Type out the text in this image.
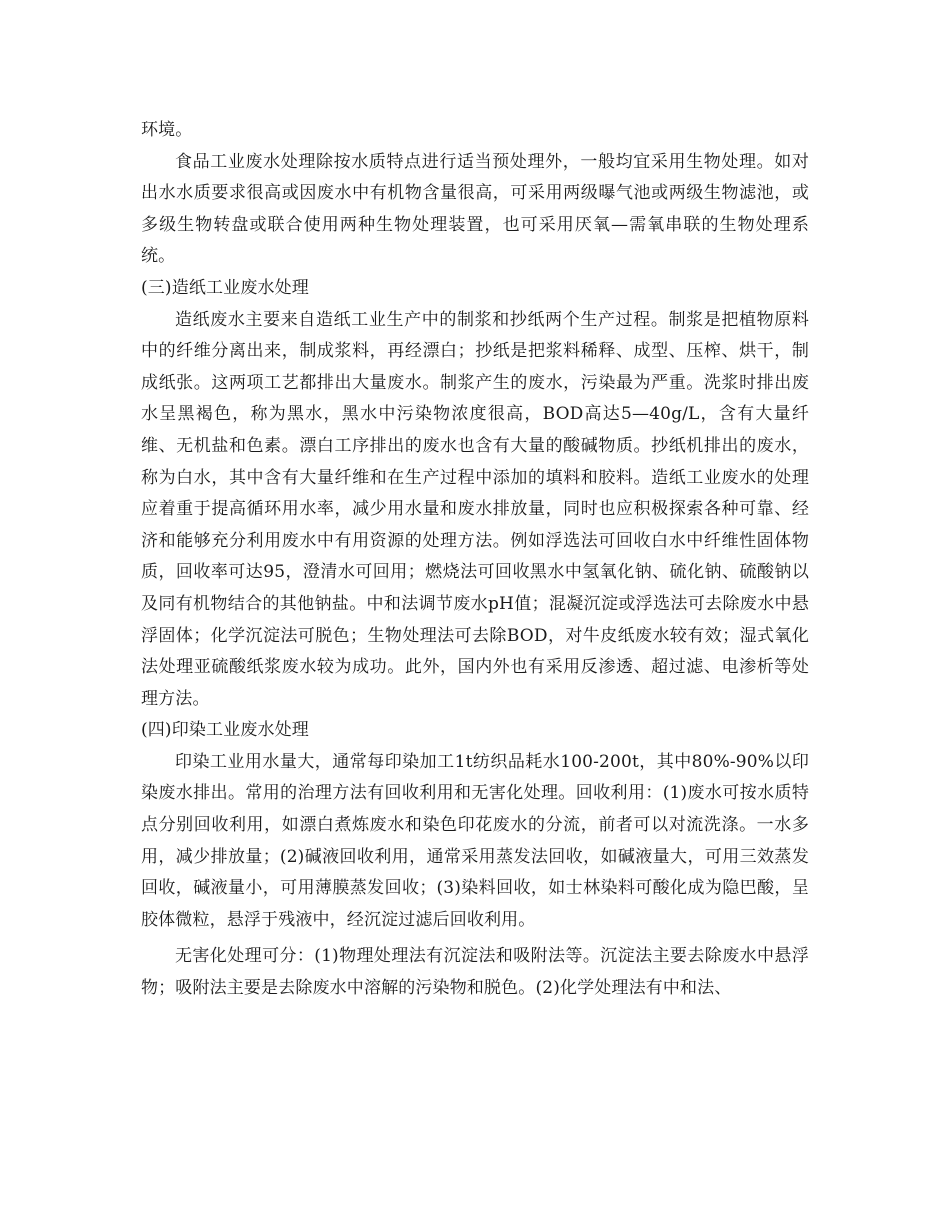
环境。

食品工业废水处理除按水质特点进行适当预处理外，一般均宜采用生物处理。如对出水水质要求很高或因废水中有机物含量很高，可采用两级曝气池或两级生物滤池，或多级生物转盘或联合使用两种生物处理装置，也可采用厌氧—需氧串联的生物处理系统。

(三)造纸工业废水处理

造纸废水主要来自造纸工业生产中的制浆和抄纸两个生产过程。制浆是把植物原料中的纤维分离出来，制成浆料，再经漂白；抄纸是把浆料稀释、成型、压榨、烘干，制成纸张。这两项工艺都排出大量废水。制浆产生的废水，污染最为严重。洗浆时排出废水呈黑褐色，称为黑水，黑水中污染物浓度很高，BOD高达5—40g/L，含有大量纤维、无机盐和色素。漂白工序排出的废水也含有大量的酸碱物质。抄纸机排出的废水，称为白水，其中含有大量纤维和在生产过程中添加的填料和胶料。造纸工业废水的处理应着重于提高循环用水率，减少用水量和废水排放量，同时也应积极探索各种可靠、经济和能够充分利用废水中有用资源的处理方法。例如浮选法可回收白水中纤维性固体物质，回收率可达95，澄清水可回用；燃烧法可回收黑水中氢氧化钠、硫化钠、硫酸钠以及同有机物结合的其他钠盐。中和法调节废水pH值；混凝沉淀或浮选法可去除废水中悬浮固体；化学沉淀法可脱色；生物处理法可去除BOD，对牛皮纸废水较有效；湿式氧化法处理亚硫酸纸浆废水较为成功。此外，国内外也有采用反渗透、超过滤、电渗析等处理方法。

(四)印染工业废水处理

印染工业用水量大，通常每印染加工1t纺织品耗水100-200t，其中80%-90%以印染废水排出。常用的治理方法有回收利用和无害化处理。回收利用：(1)废水可按水质特点分别回收利用，如漂白煮炼废水和染色印花废水的分流，前者可以对流洗涤。一水多用，减少排放量；(2)碱液回收利用，通常采用蒸发法回收，如碱液量大，可用三效蒸发回收，碱液量小，可用薄膜蒸发回收；(3)染料回收，如士林染料可酸化成为隐巴酸，呈胶体微粒，悬浮于残液中，经沉淀过滤后回收利用。

无害化处理可分：(1)物理处理法有沉淀法和吸附法等。沉淀法主要去除废水中悬浮物；吸附法主要是去除废水中溶解的污染物和脱色。(2)化学处理法有中和法、
